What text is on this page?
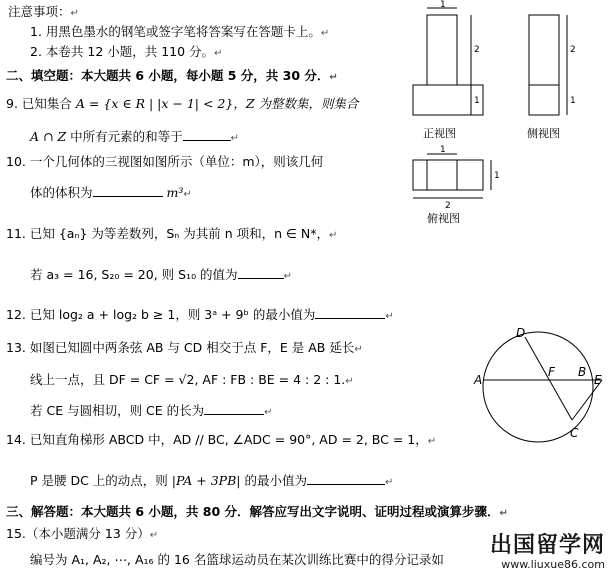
注意事项：↵
1. 用黑色墨水的钢笔或签字笔将答案写在答题卡上。↵
2. 本卷共 12 小题，共 110 分。↵
二、填空题：本大题共 6 小题，每小题 5 分，共 30 分．↵
9. 已知集合 A = {x ∈ R | |x − 1| < 2}，Z 为整数集，则集合
A ∩ Z 中所有元素的和等于	↵
10. 一个几何体的三视图如图所示（单位：m），则该几何
体的体积为	m³↵
11. 已知 {aₙ} 为等差数列，Sₙ 为其前 n 项和，n ∈ N*，↵
若 a₃ = 16, S₂₀ = 20, 则 S₁₀ 的值为	↵
12. 已知 log₂ a + log₂ b ≥ 1，则 3ᵃ + 9ᵇ 的最小值为	↵
13. 如图已知圆中两条弦 AB 与 CD 相交于点 F，E 是 AB 延长↵
线上一点，且 DF = CF = √2, AF : FB : BE = 4 : 2 : 1.↵
若 CE 与圆相切，则 CE 的长为	↵
14. 已知直角梯形 ABCD 中，AD // BC, ∠ADC = 90°, AD = 2, BC = 1，↵
P 是腰 DC 上的动点，则 |PA + 3PB| 的最小值为	↵
三、解答题：本大题共 6 小题，共 80 分．解答应写出文字说明、证明过程或演算步骤．↵
15.（本小题满分 13 分）↵
编号为 A₁, A₂, ⋯, A₁₆ 的 16 名篮球运动员在某次训练比赛中的得分记录如
1
2
1
2
1
1
1
2
正视图	侧视图
俯视图
A
D
F B
E
C
出国留学网
www.liuxue86.com
